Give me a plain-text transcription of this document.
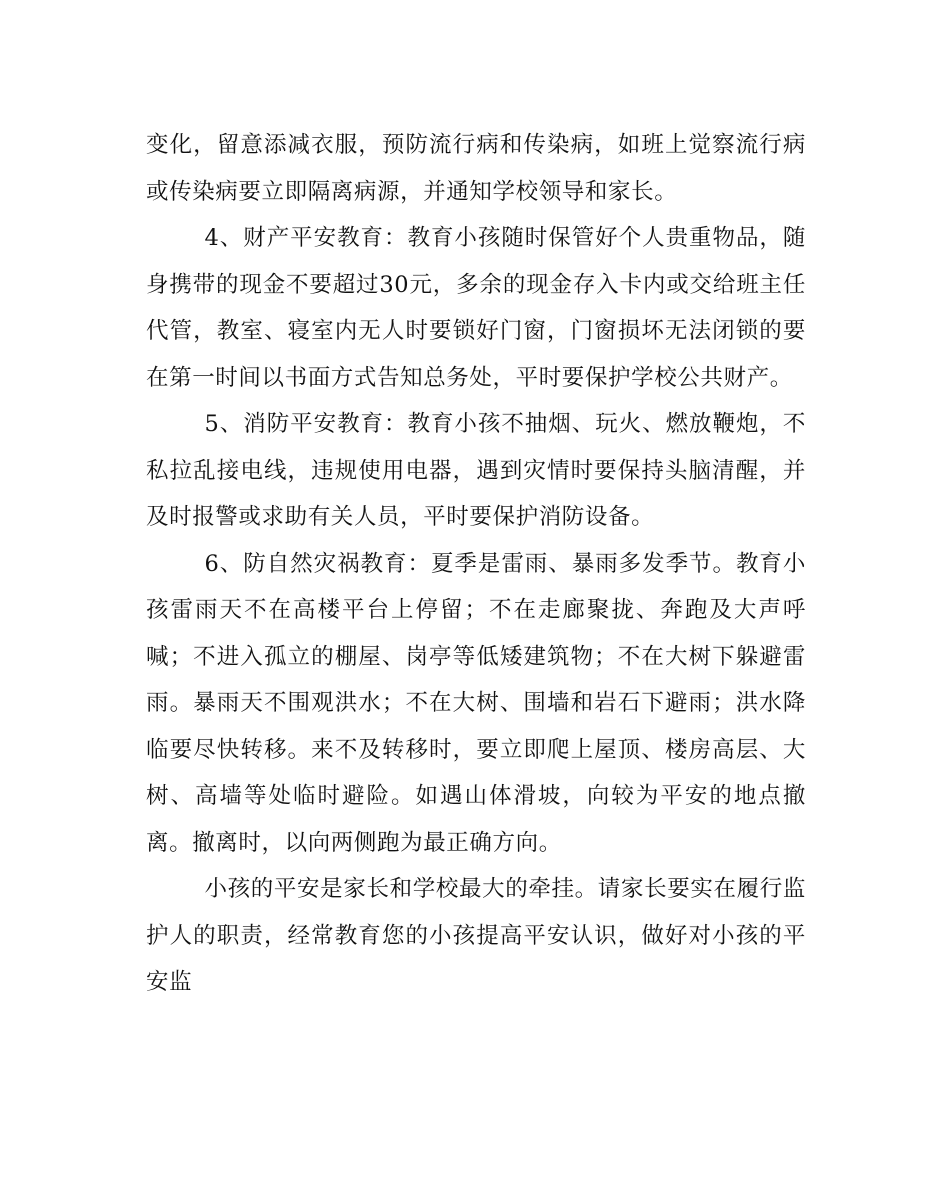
变化，留意添减衣服，预防流行病和传染病，如班上觉察流行病或传染病要立即隔离病源，并通知学校领导和家长。

4、财产平安教育：教育小孩随时保管好个人贵重物品，随身携带的现金不要超过30元，多余的现金存入卡内或交给班主任代管，教室、寝室内无人时要锁好门窗，门窗损坏无法闭锁的要在第一时间以书面方式告知总务处，平时要保护学校公共财产。

5、消防平安教育：教育小孩不抽烟、玩火、燃放鞭炮，不私拉乱接电线，违规使用电器，遇到灾情时要保持头脑清醒，并及时报警或求助有关人员，平时要保护消防设备。

6、防自然灾祸教育：夏季是雷雨、暴雨多发季节。教育小孩雷雨天不在高楼平台上停留；不在走廊聚拢、奔跑及大声呼喊；不进入孤立的棚屋、岗亭等低矮建筑物；不在大树下躲避雷雨。暴雨天不围观洪水；不在大树、围墙和岩石下避雨；洪水降临要尽快转移。来不及转移时，要立即爬上屋顶、楼房高层、大树、高墙等处临时避险。如遇山体滑坡，向较为平安的地点撤离。撤离时，以向两侧跑为最正确方向。

小孩的平安是家长和学校最大的牵挂。请家长要实在履行监护人的职责，经常教育您的小孩提高平安认识，做好对小孩的平安监
